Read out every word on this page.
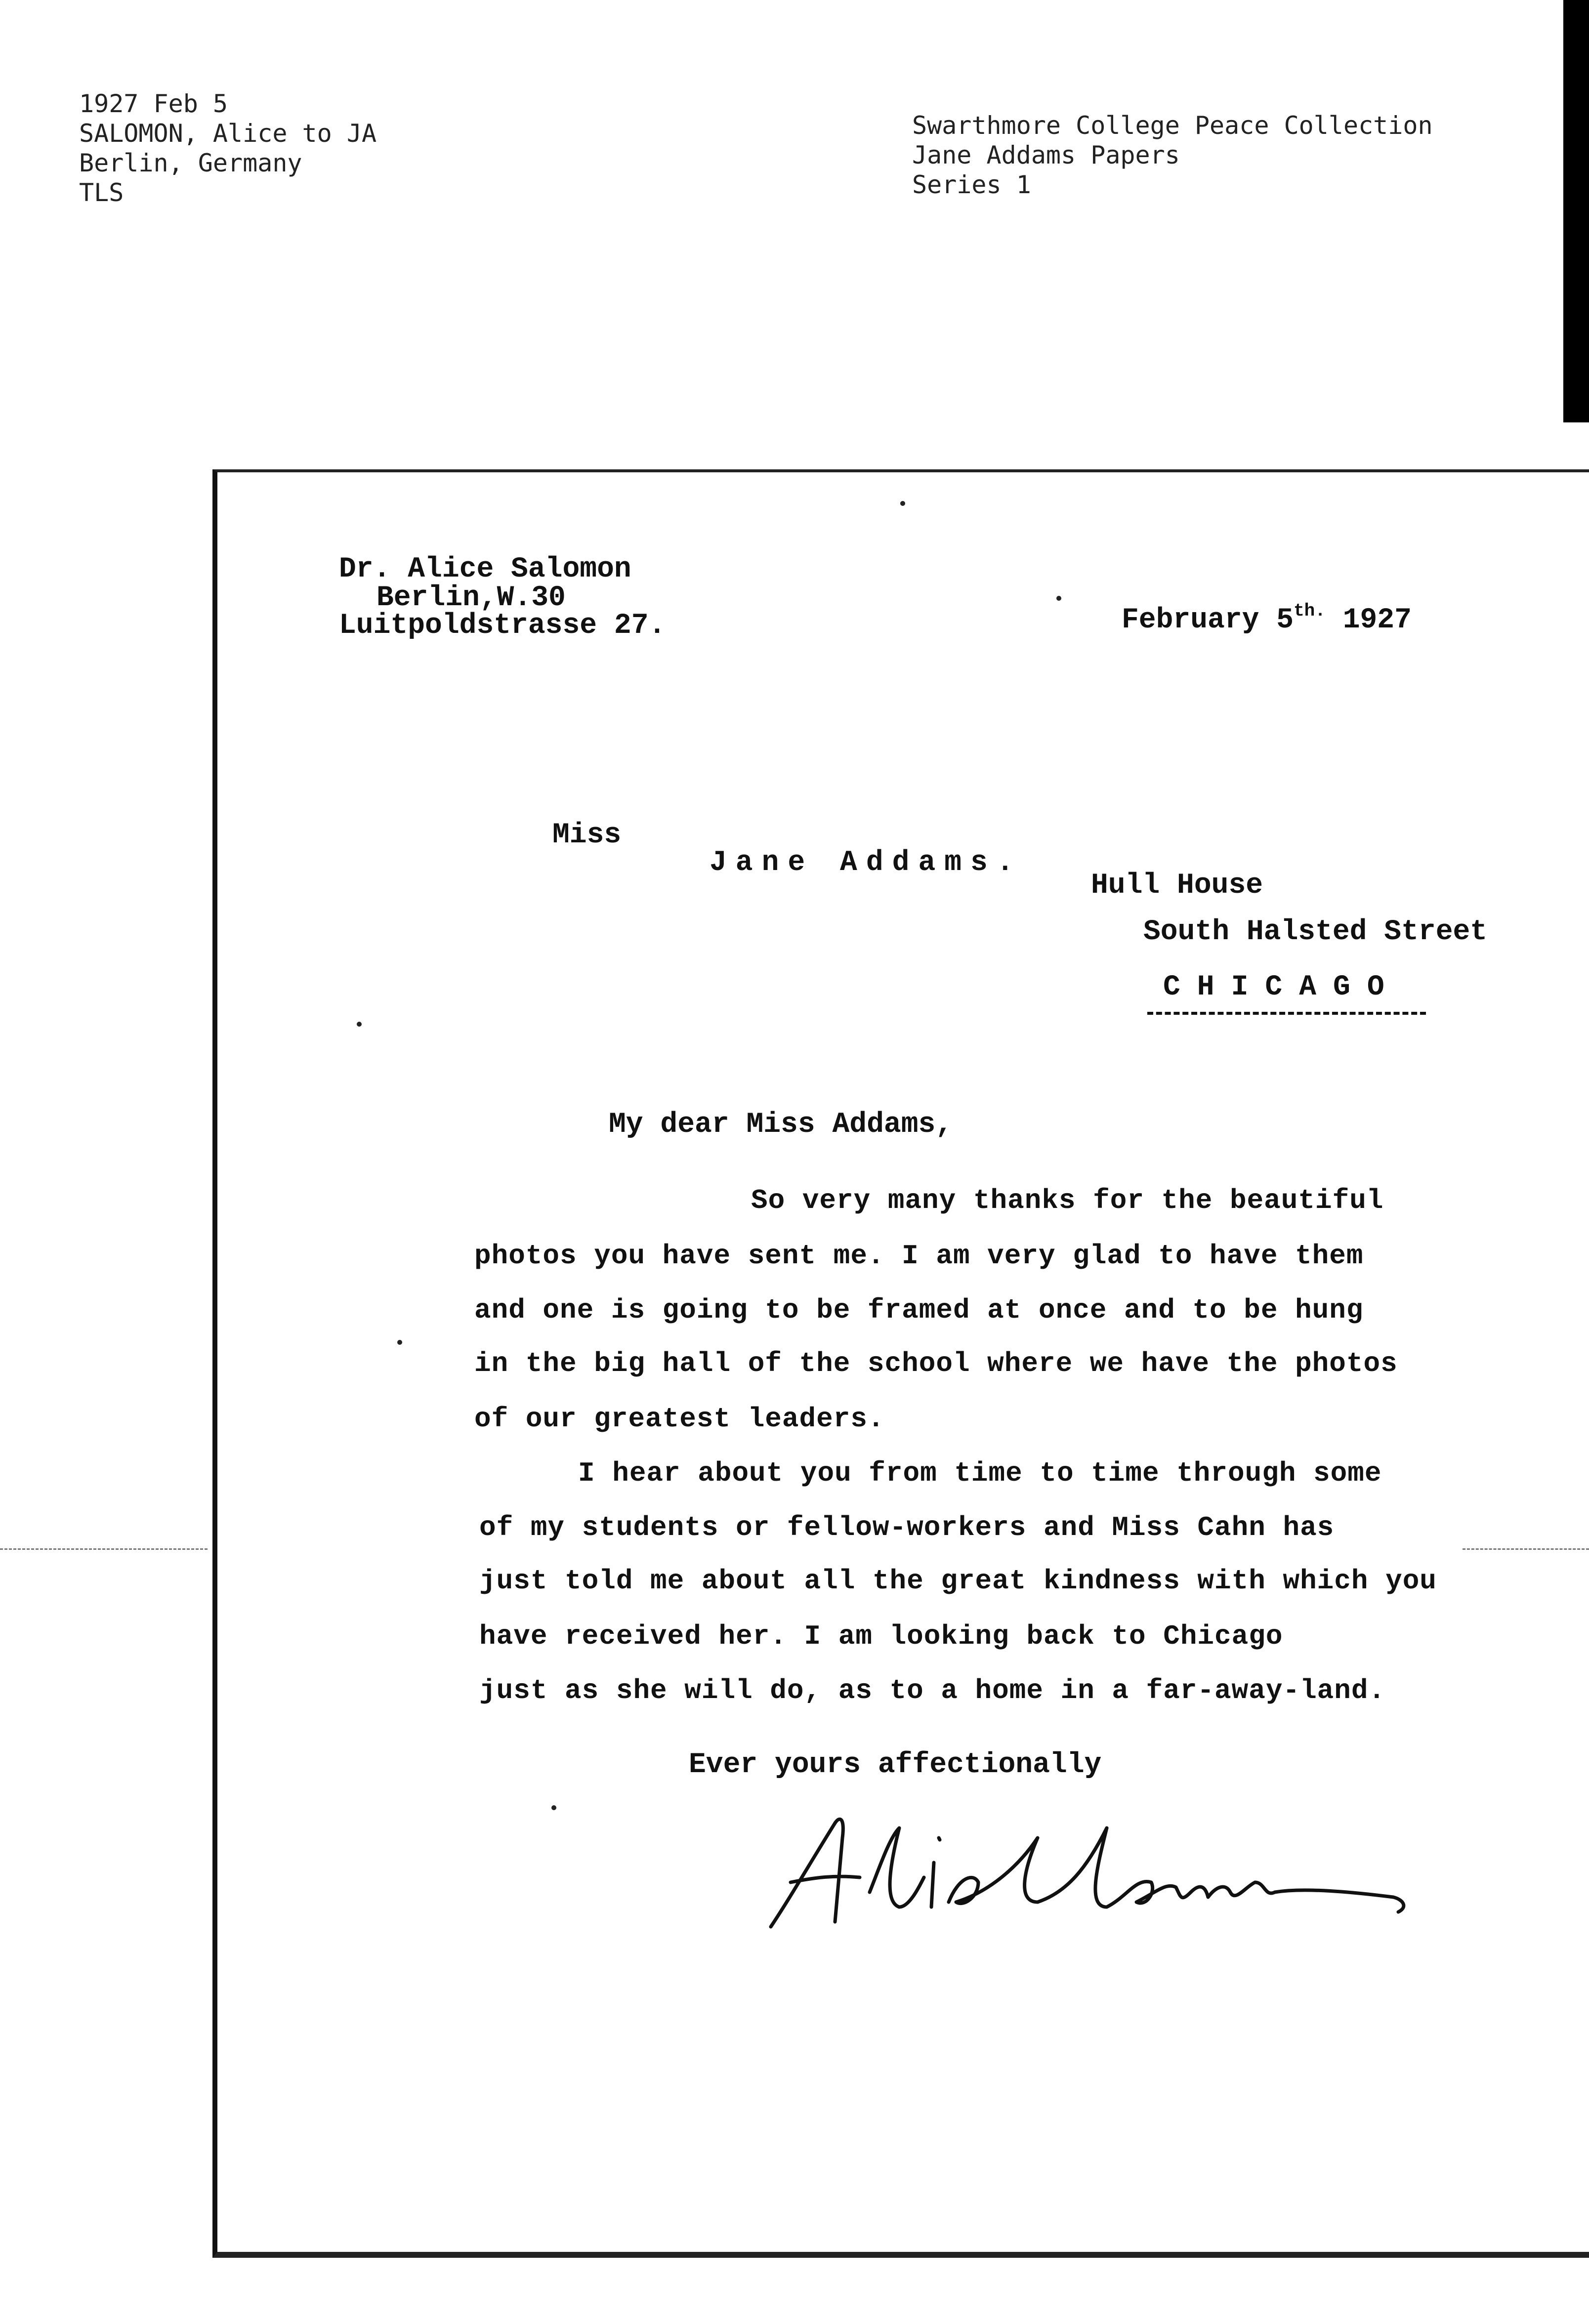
1927 Feb 5
SALOMON, Alice to JA
Berlin, Germany
TLS
Swarthmore College Peace Collection
Jane Addams Papers
Series 1
Dr. Alice Salomon
Berlin,W.30
Luitpoldstrasse 27.	February $5^{th.}$ 1927
Miss
Jane Addams.
Hull House
South Halsted Street
CHICAGO
My dear Miss Addams,
So very many thanks for the beautiful
photos you have sent me. I am very glad to have them
and one is going to be framed at once and to be hung
in the big hall of the school where we have the photos
of our greatest leaders.
I hear about you from time to time through some
of my students or fellow-workers and Miss Cahn has
just told me about all the great kindness with which you
have received her. I am looking back to Chicago
just as she will do, as to a home in a far-away-land.
Ever yours affectionally
